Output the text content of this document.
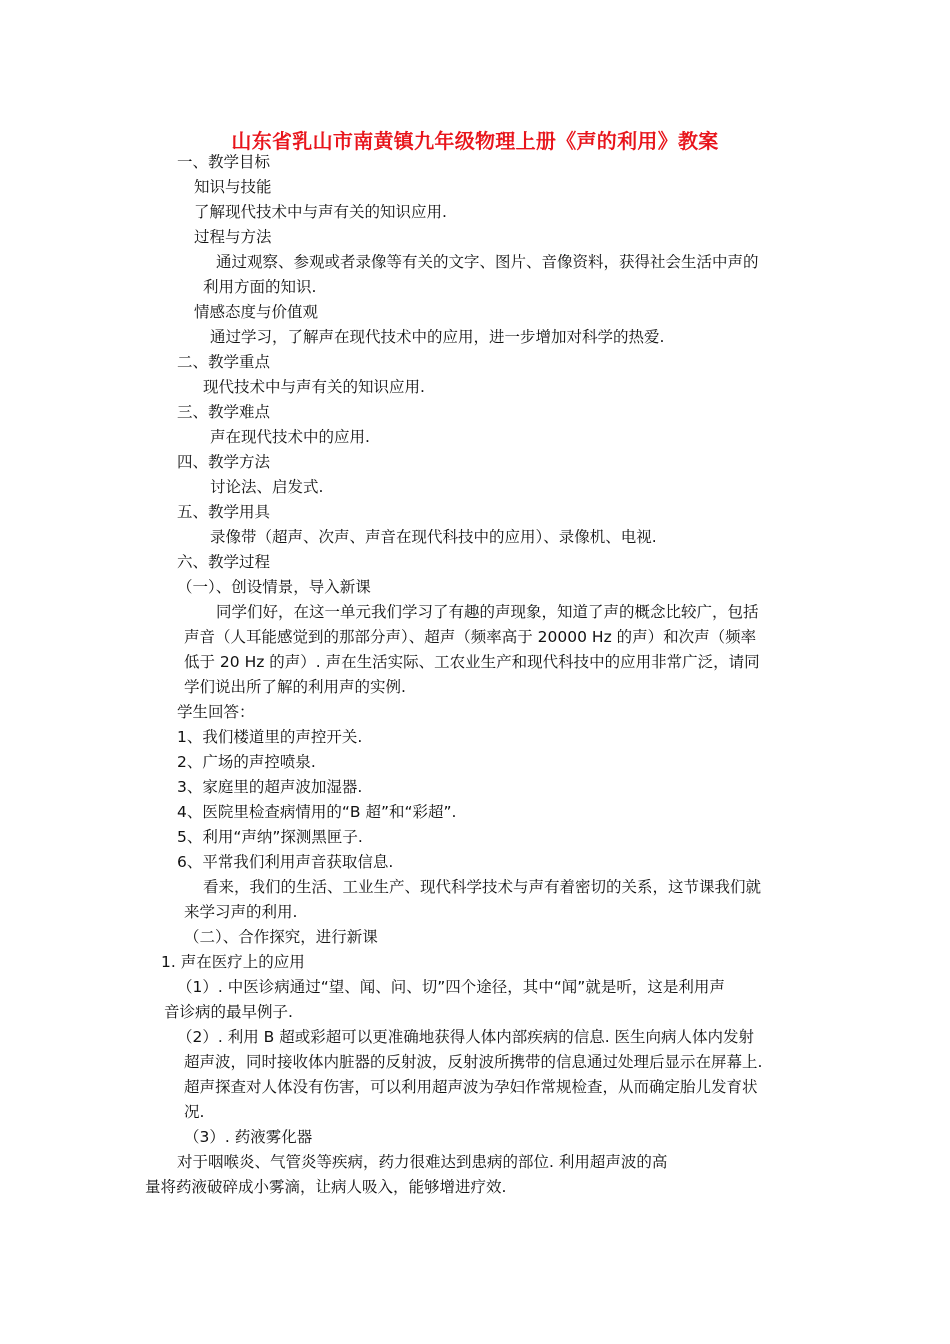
山东省乳山市南黄镇九年级物理上册《声的利用》教案
一、教学目标
知识与技能
了解现代技术中与声有关的知识应用.
过程与方法
通过观察、参观或者录像等有关的文字、图片、音像资料，获得社会生活中声的
利用方面的知识.
情感态度与价值观
通过学习，了解声在现代技术中的应用，进一步增加对科学的热爱.
二、教学重点
现代技术中与声有关的知识应用.
三、教学难点
声在现代技术中的应用.
四、教学方法
讨论法、启发式.
五、教学用具
录像带（超声、次声、声音在现代科技中的应用）、录像机、电视.
六、教学过程
（一）、创设情景，导入新课
同学们好，在这一单元我们学习了有趣的声现象，知道了声的概念比较广，包括
声音（人耳能感觉到的那部分声）、超声（频率高于 20000 Hz 的声）和次声（频率
低于 20 Hz 的声）. 声在生活实际、工农业生产和现代科技中的应用非常广泛，请同
学们说出所了解的利用声的实例.
学生回答：
1、我们楼道里的声控开关.
2、广场的声控喷泉.
3、家庭里的超声波加湿器.
4、医院里检查病情用的“B 超”和“彩超”.
5、利用“声纳”探测黑匣子.
6、平常我们利用声音获取信息.
看来，我们的生活、工业生产、现代科学技术与声有着密切的关系，这节课我们就
来学习声的利用.
（二）、合作探究，进行新课
1. 声在医疗上的应用
（1）. 中医诊病通过“望、闻、问、切”四个途径，其中“闻”就是听，这是利用声
音诊病的最早例子.
（2）. 利用 B 超或彩超可以更准确地获得人体内部疾病的信息. 医生向病人体内发射
超声波，同时接收体内脏器的反射波，反射波所携带的信息通过处理后显示在屏幕上.
超声探查对人体没有伤害，可以利用超声波为孕妇作常规检查，从而确定胎儿发育状
况.
（3）. 药液雾化器
对于咽喉炎、气管炎等疾病，药力很难达到患病的部位. 利用超声波的高
量将药液破碎成小雾滴，让病人吸入，能够增进疗效.
